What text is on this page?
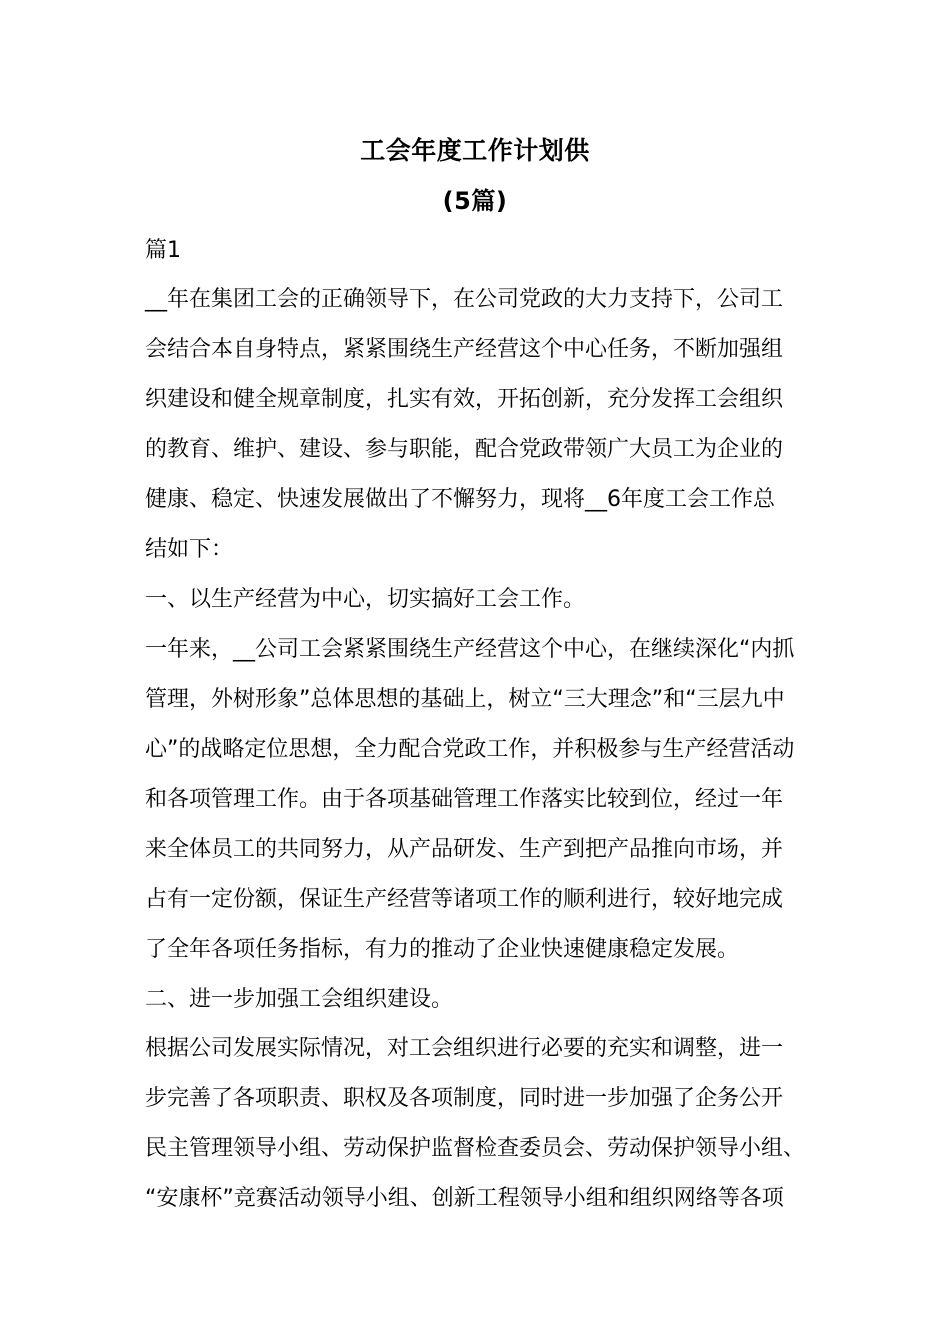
工会年度工作计划供
(5篇)
篇1
__年在集团工会的正确领导下，在公司党政的大力支持下，公司工
会结合本自身特点，紧紧围绕生产经营这个中心任务，不断加强组
织建设和健全规章制度，扎实有效，开拓创新，充分发挥工会组织
的教育、维护、建设、参与职能，配合党政带领广大员工为企业的
健康、稳定、快速发展做出了不懈努力，现将__6年度工会工作总
结如下：
一、以生产经营为中心，切实搞好工会工作。
一年来，__公司工会紧紧围绕生产经营这个中心，在继续深化“内抓
管理，外树形象”总体思想的基础上，树立“三大理念”和“三层九中
心”的战略定位思想，全力配合党政工作，并积极参与生产经营活动
和各项管理工作。由于各项基础管理工作落实比较到位，经过一年
来全体员工的共同努力，从产品研发、生产到把产品推向市场，并
占有一定份额，保证生产经营等诸项工作的顺利进行，较好地完成
了全年各项任务指标，有力的推动了企业快速健康稳定发展。
二、进一步加强工会组织建设。
根据公司发展实际情况，对工会组织进行必要的充实和调整，进一
步完善了各项职责、职权及各项制度，同时进一步加强了企务公开
民主管理领导小组、劳动保护监督检查委员会、劳动保护领导小组、
“安康杯”竞赛活动领导小组、创新工程领导小组和组织网络等各项
